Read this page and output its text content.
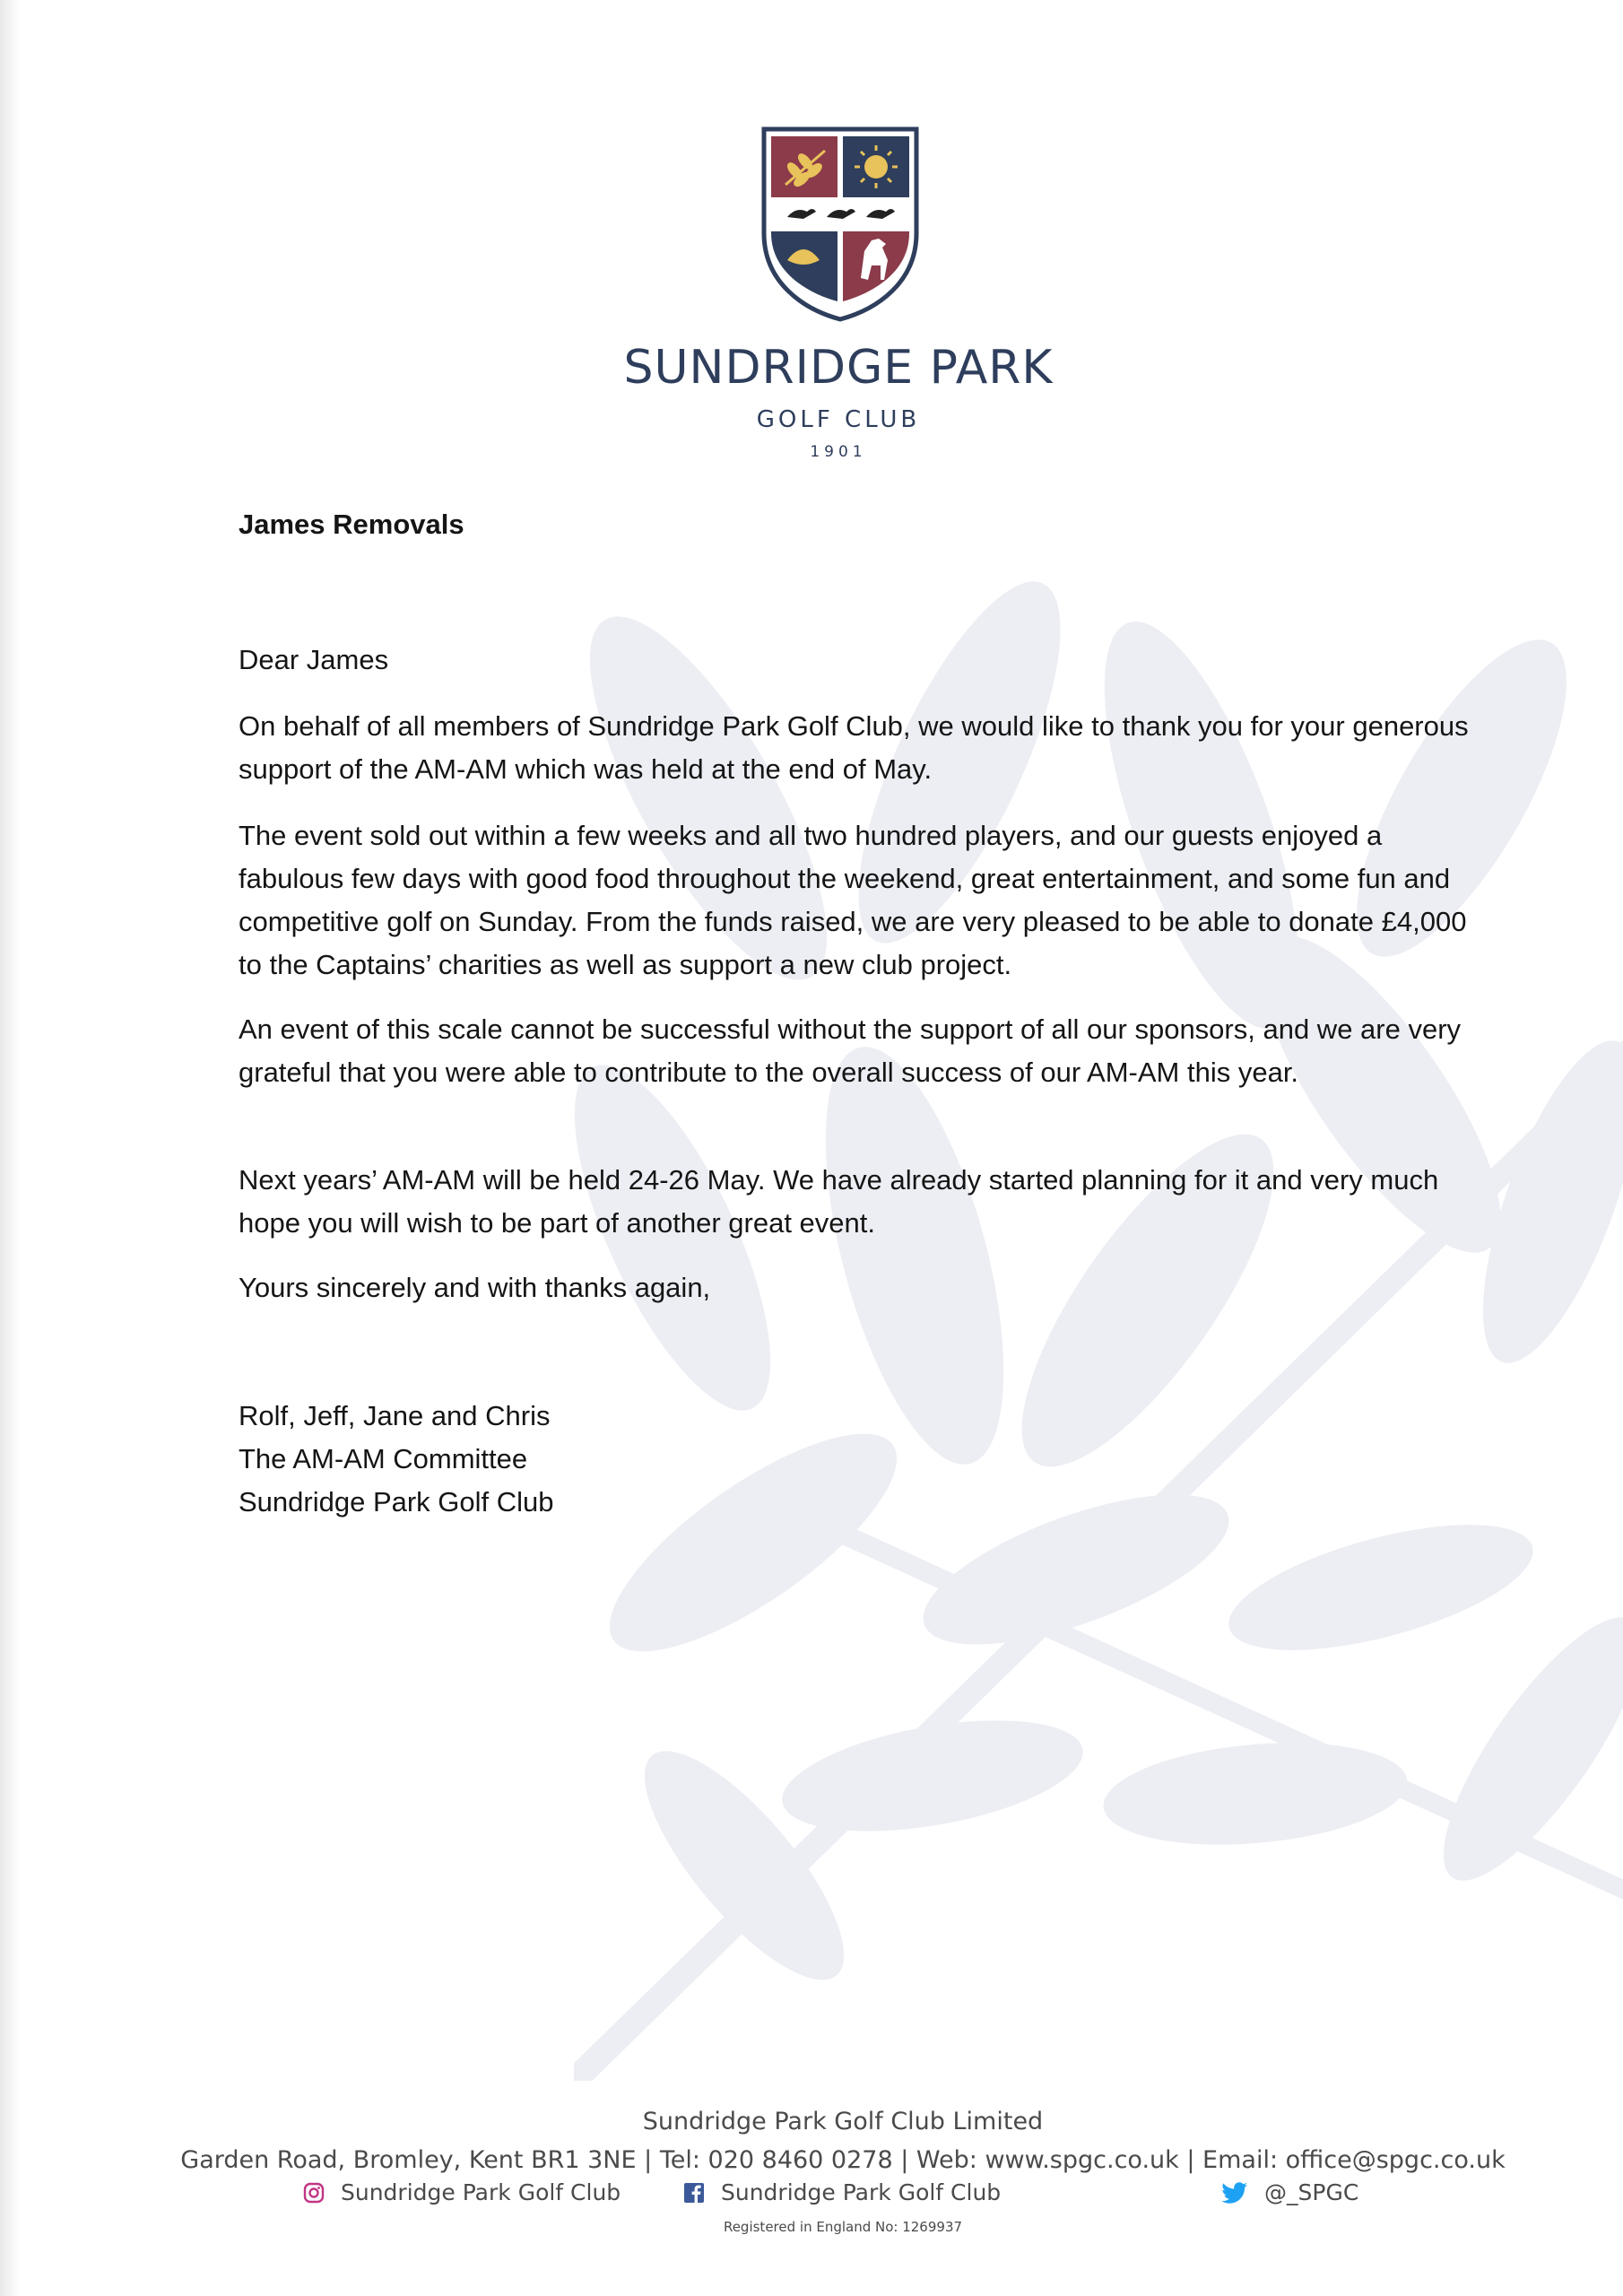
SUNDRIDGE PARK
GOLF CLUB
1901
James Removals

Dear James

On behalf of all members of Sundridge Park Golf Club, we would like to thank you for your generous support of the AM-AM which was held at the end of May.

The event sold out within a few weeks and all two hundred players, and our guests enjoyed a fabulous few days with good food throughout the weekend, great entertainment, and some fun and competitive golf on Sunday. From the funds raised, we are very pleased to be able to donate £4,000 to the Captains’ charities as well as support a new club project.

An event of this scale cannot be successful without the support of all our sponsors, and we are very grateful that you were able to contribute to the overall success of our AM-AM this year.

Next years’ AM-AM will be held 24-26 May. We have already started planning for it and very much hope you will wish to be part of another great event.

Yours sincerely and with thanks again,

Rolf, Jeff, Jane and Chris

The AM-AM Committee

Sundridge Park Golf Club

Sundridge Park Golf Club Limited
Garden Road, Bromley, Kent BR1 3NE | Tel: 020 8460 0278 | Web: www.spgc.co.uk | Email: office@spgc.co.uk
Sundridge Park Golf Club	Sundridge Park Golf Club	@_SPGC
Registered in England No: 1269937
